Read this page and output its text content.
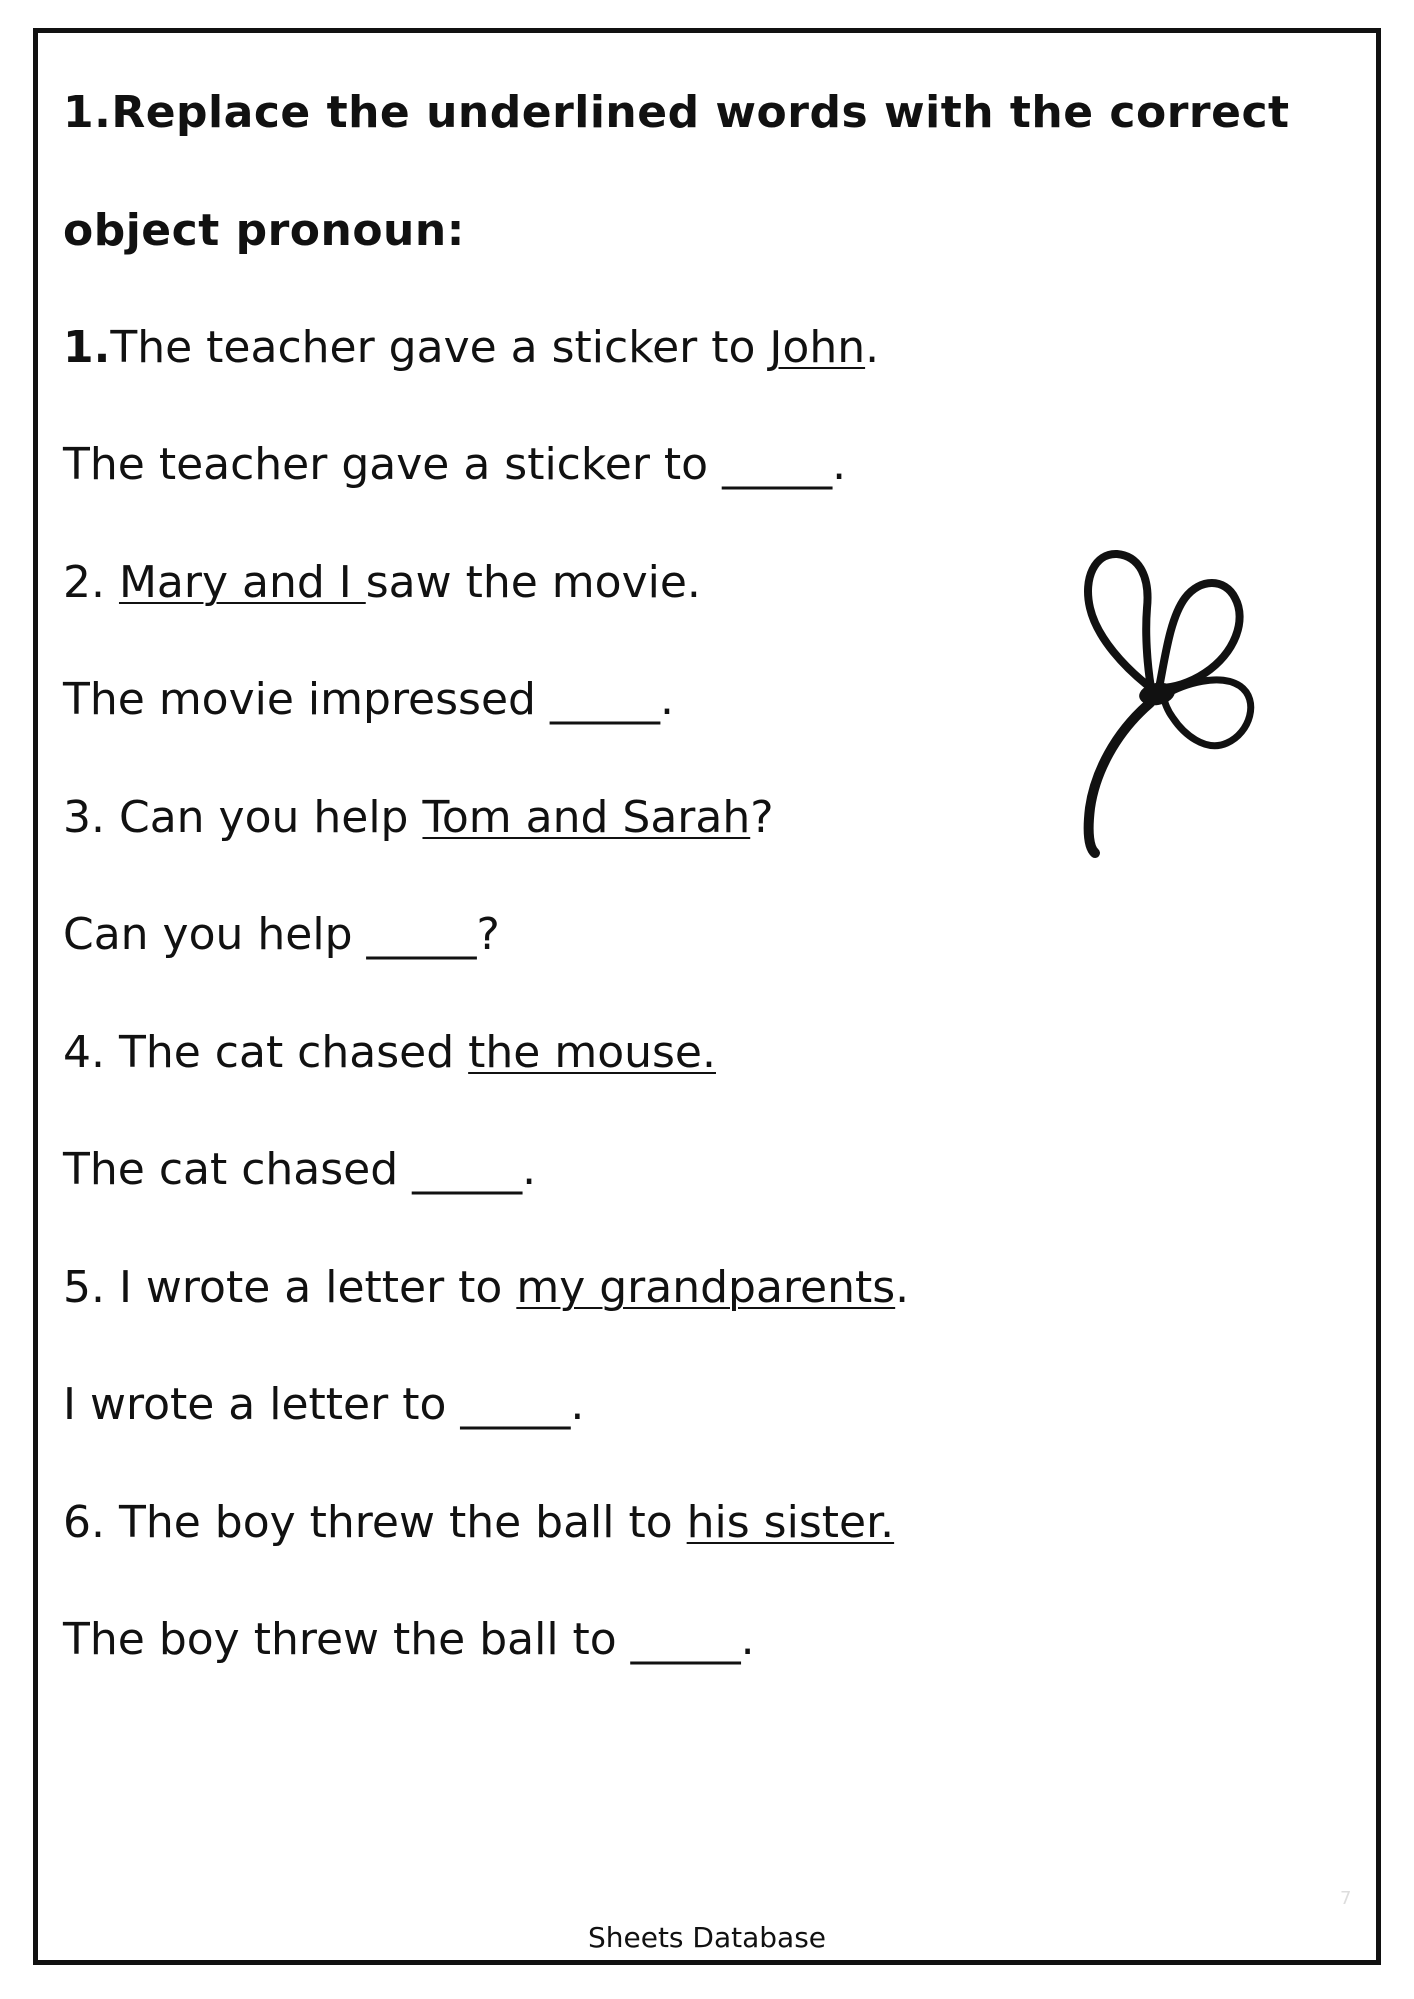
1.Replace the underlined words with the correct

object pronoun:

1.The teacher gave a sticker to John.

The teacher gave a sticker to _____.

2. Mary and I saw the movie.

The movie impressed _____.

3. Can you help Tom and Sarah?

Can you help _____?

4. The cat chased the mouse.

The cat chased _____.

5. I wrote a letter to my grandparents.

I wrote a letter to _____.

6. The boy threw the ball to his sister.

The boy threw the ball to _____.

7
Sheets Database
